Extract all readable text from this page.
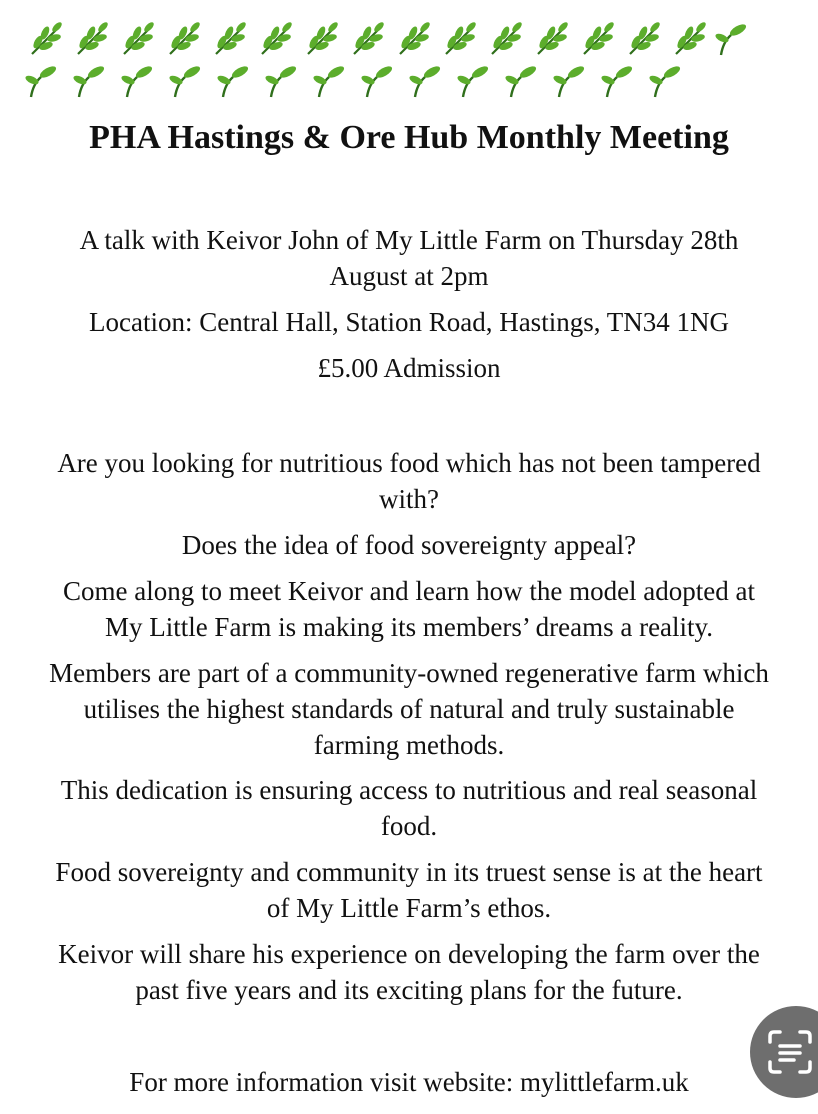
PHA Hastings & Ore Hub Monthly Meeting
A talk with Keivor John of My Little Farm on Thursday 28th
August at 2pm
Location: Central Hall, Station Road, Hastings, TN34 1NG
£5.00 Admission
Are you looking for nutritious food which has not been tampered
with?
Does the idea of food sovereignty appeal?
Come along to meet Keivor and learn how the model adopted at
My Little Farm is making its members’ dreams a reality.
Members are part of a community-owned regenerative farm which
utilises the highest standards of natural and truly sustainable
farming methods.
This dedication is ensuring access to nutritious and real seasonal
food.
Food sovereignty and community in its truest sense is at the heart
of My Little Farm’s ethos.
Keivor will share his experience on developing the farm over the
past five years and its exciting plans for the future.
For more information visit website: mylittlefarm.uk
